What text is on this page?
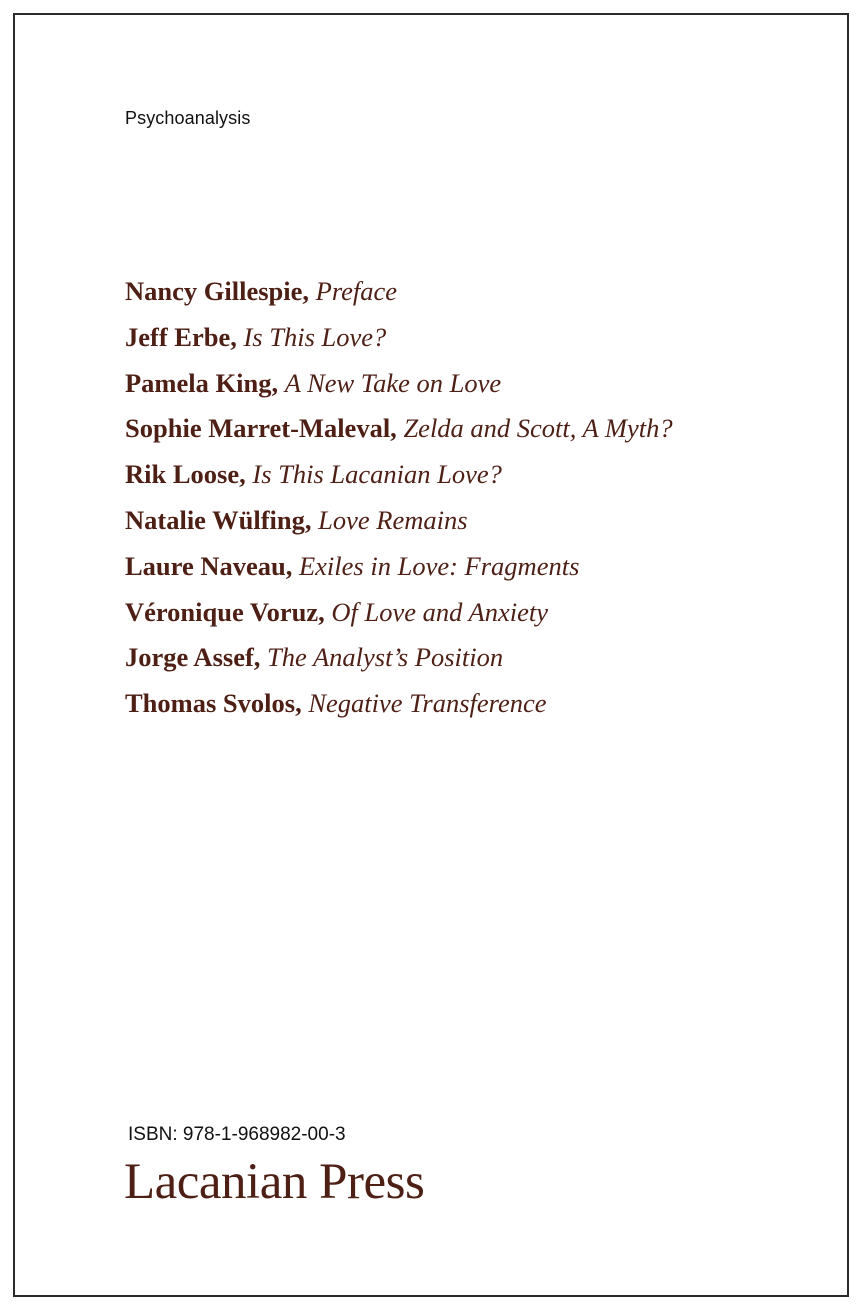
Psychoanalysis
Nancy Gillespie, Preface
Jeff Erbe, Is This Love?
Pamela King, A New Take on Love
Sophie Marret-Maleval, Zelda and Scott, A Myth?
Rik Loose, Is This Lacanian Love?
Natalie Wülfing, Love Remains
Laure Naveau, Exiles in Love: Fragments
Véronique Voruz, Of Love and Anxiety
Jorge Assef, The Analyst’s Position
Thomas Svolos, Negative Transference
ISBN: 978-1-968982-00-3
Lacanian Press
